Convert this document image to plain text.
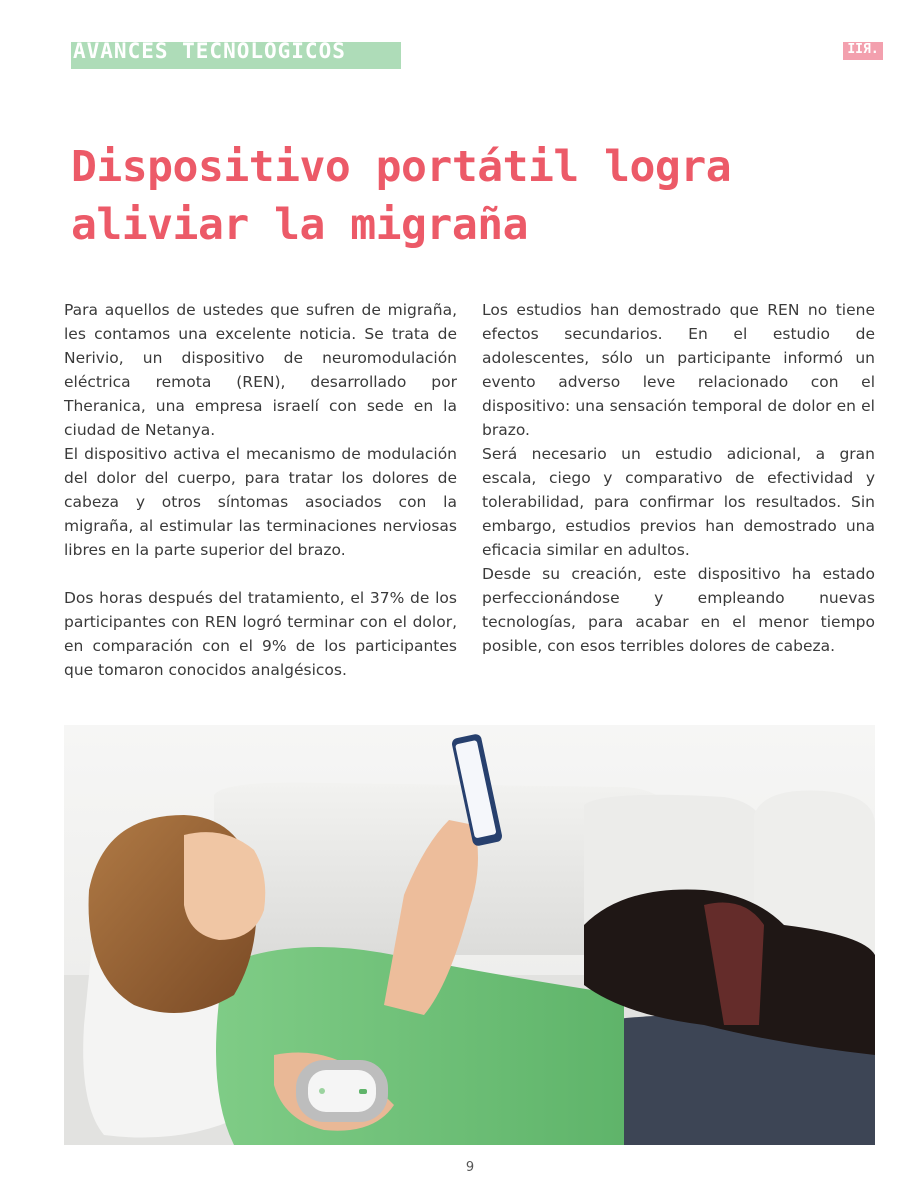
AVANCES TECNOLOGICOS	ӀӀЯ.
Dispositivo portátil logra aliviar la migraña

Para aquellos de ustedes que sufren de migraña, les contamos una excelente noticia. Se trata de Nerivio, un dispositivo de neuromodulación eléctrica remota (REN), desarrollado por Theranica, una empresa israelí con sede en la ciudad de Netanya.

El dispositivo activa el mecanismo de modulación del dolor del cuerpo, para tratar los dolores de cabeza y otros síntomas asociados con la migraña, al estimular las terminaciones nerviosas libres en la parte superior del brazo.

Dos horas después del tratamiento, el 37% de los participantes con REN logró terminar con el dolor, en comparación con el 9% de los participantes que tomaron conocidos analgésicos.

Los estudios han demostrado que REN no tiene efectos secundarios. En el estudio de adolescentes, sólo un participante informó un evento adverso leve relacionado con el dispositivo: una sensación temporal de dolor en el brazo.

Será necesario un estudio adicional, a gran escala, ciego y comparativo de efectividad y tolerabilidad, para confirmar los resultados. Sin embargo, estudios previos han demostrado una eficacia similar en adultos.

Desde su creación, este dispositivo ha estado perfeccionándose y empleando nuevas tecnologías, para acabar en el menor tiempo posible, con esos terribles dolores de cabeza.

9
